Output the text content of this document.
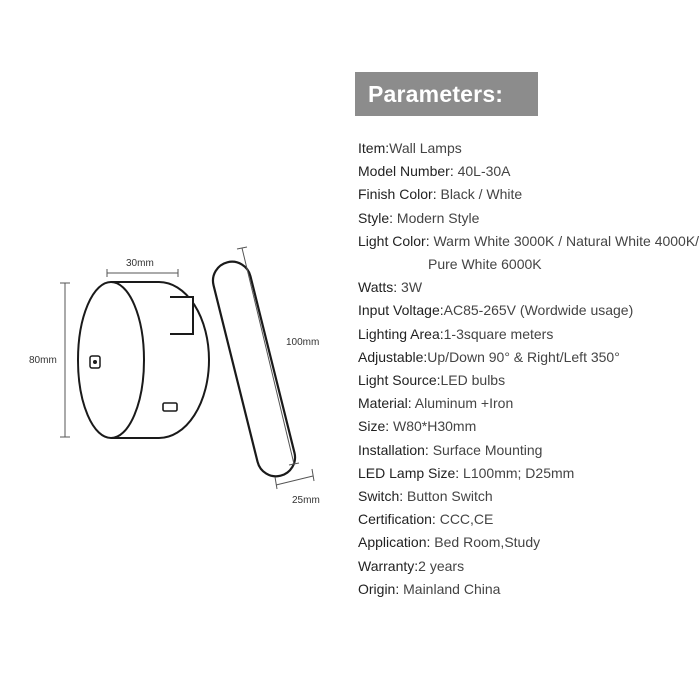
Parameters:
Item:Wall Lamps
Model Number: 40L-30A
Finish Color: Black / White
Style: Modern Style
Light Color: Warm White 3000K / Natural White 4000K/
Pure White 6000K
Watts: 3W
Input Voltage:AC85-265V (Wordwide usage)
Lighting Area:1-3square meters
Adjustable:Up/Down 90° & Right/Left 350°
Light Source:LED bulbs
Material: Aluminum +Iron
Size: W80*H30mm
Installation: Surface Mounting
LED Lamp Size: L100mm; D25mm
Switch: Button Switch
Certification: CCC,CE
Application: Bed Room,Study
Warranty:2 years
Origin: Mainland China
30mm
80mm
100mm
25mm
